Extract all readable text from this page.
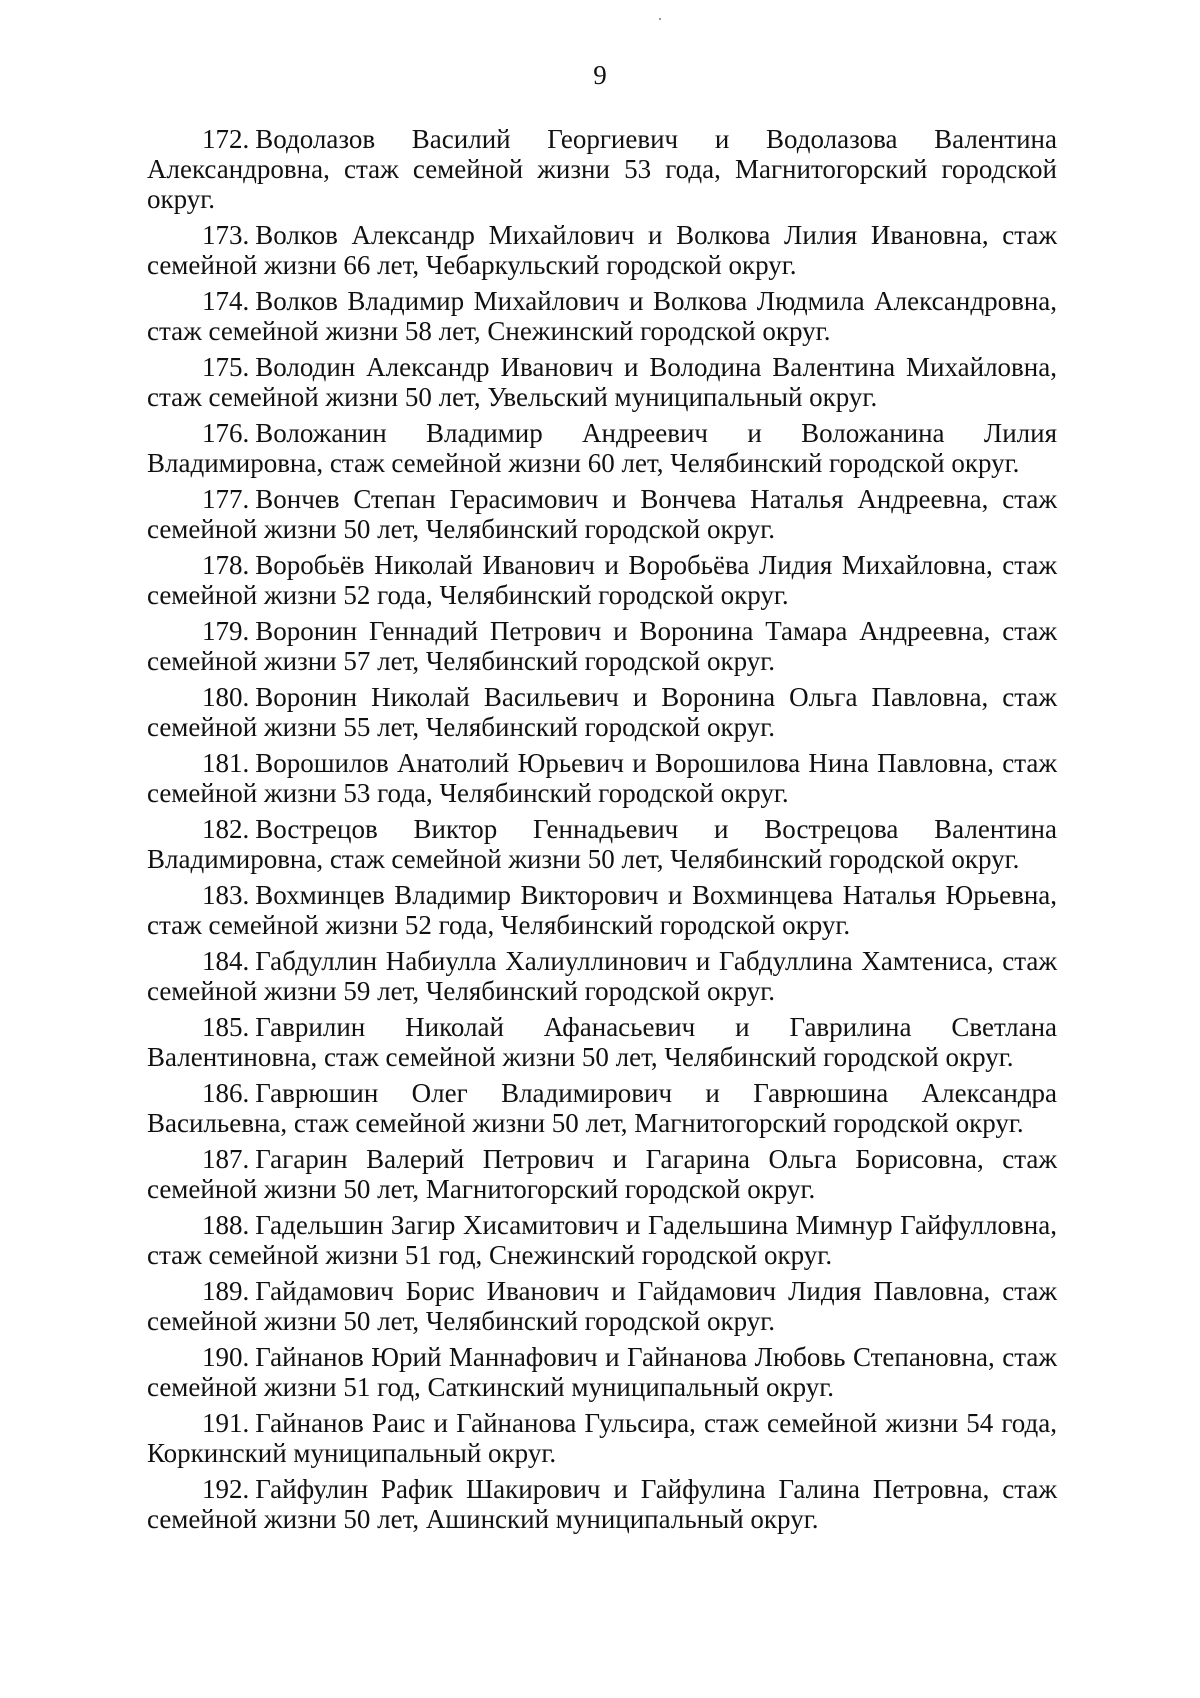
9

172. Водолазов Василий Георгиевич и Водолазова Валентина Александровна, стаж семейной жизни 53 года, Магнитогорский городской округ.

173. Волков Александр Михайлович и Волкова Лилия Ивановна, стаж семейной жизни 66 лет, Чебаркульский городской округ.

174. Волков Владимир Михайлович и Волкова Людмила Александровна, стаж семейной жизни 58 лет, Снежинский городской округ.

175. Володин Александр Иванович и Володина Валентина Михайловна, стаж семейной жизни 50 лет, Увельский муниципальный округ.

176. Воложанин Владимир Андреевич и Воложанина Лилия Владимировна, стаж семейной жизни 60 лет, Челябинский городской округ.

177. Вончев Степан Герасимович и Вончева Наталья Андреевна, стаж семейной жизни 50 лет, Челябинский городской округ.

178. Воробьёв Николай Иванович и Воробьёва Лидия Михайловна, стаж семейной жизни 52 года, Челябинский городской округ.

179. Воронин Геннадий Петрович и Воронина Тамара Андреевна, стаж семейной жизни 57 лет, Челябинский городской округ.

180. Воронин Николай Васильевич и Воронина Ольга Павловна, стаж семейной жизни 55 лет, Челябинский городской округ.

181. Ворошилов Анатолий Юрьевич и Ворошилова Нина Павловна, стаж семейной жизни 53 года, Челябинский городской округ.

182. Вострецов Виктор Геннадьевич и Вострецова Валентина Владимировна, стаж семейной жизни 50 лет, Челябинский городской округ.

183. Вохминцев Владимир Викторович и Вохминцева Наталья Юрьевна, стаж семейной жизни 52 года, Челябинский городской округ.

184. Габдуллин Набиулла Халиуллинович и Габдуллина Хамтениса, стаж семейной жизни 59 лет, Челябинский городской округ.

185. Гаврилин Николай Афанасьевич и Гаврилина Светлана Валентиновна, стаж семейной жизни 50 лет, Челябинский городской округ.

186. Гаврюшин Олег Владимирович и Гаврюшина Александра Васильевна, стаж семейной жизни 50 лет, Магнитогорский городской округ.

187. Гагарин Валерий Петрович и Гагарина Ольга Борисовна, стаж семейной жизни 50 лет, Магнитогорский городской округ.

188. Гадельшин Загир Хисамитович и Гадельшина Мимнур Гайфулловна, стаж семейной жизни 51 год, Снежинский городской округ.

189. Гайдамович Борис Иванович и Гайдамович Лидия Павловна, стаж семейной жизни 50 лет, Челябинский городской округ.

190. Гайнанов Юрий Маннафович и Гайнанова Любовь Степановна, стаж семейной жизни 51 год, Саткинский муниципальный округ.

191. Гайнанов Раис и Гайнанова Гульсира, стаж семейной жизни 54 года, Коркинский муниципальный округ.

192. Гайфулин Рафик Шакирович и Гайфулина Галина Петровна, стаж семейной жизни 50 лет, Ашинский муниципальный округ.
